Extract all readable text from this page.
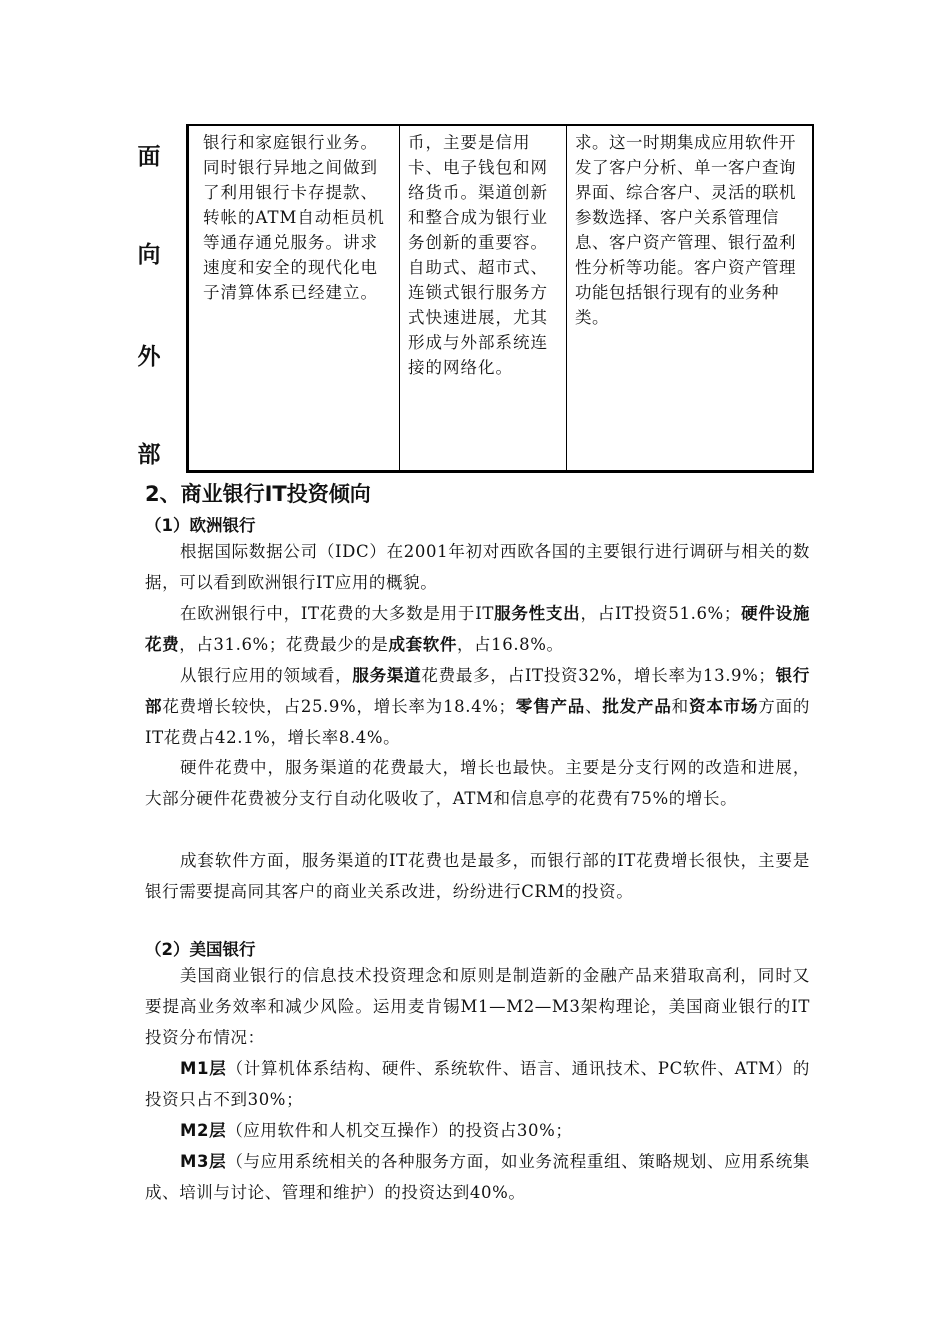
面
向
外
部
银行和家庭银行业务。同时银行异地之间做到了利用银行卡存提款、转帐的ATM自动柜员机等通存通兑服务。讲求速度和安全的现代化电子清算体系已经建立。
币，主要是信用卡、电子钱包和网络货币。渠道创新和整合成为银行业务创新的重要容。自助式、超市式、连锁式银行服务方式快速进展，尤其形成与外部系统连接的网络化。
求。这一时期集成应用软件开发了客户分析、单一客户查询界面、综合客户、灵活的联机参数选择、客户关系管理信息、客户资产管理、银行盈利性分析等功能。客户资产管理功能包括银行现有的业务种类。
2、商业银行IT投资倾向
（1）欧洲银行

根据国际数据公司（IDC）在2001年初对西欧各国的主要银行进行调研与相关的数据，可以看到欧洲银行IT应用的概貌。

在欧洲银行中，IT花费的大多数是用于IT服务性支出，占IT投资51.6%；硬件设施花费，占31.6%；花费最少的是成套软件，占16.8%。

从银行应用的领域看，服务渠道花费最多，占IT投资32%，增长率为13.9%；银行部花费增长较快，占25.9%，增长率为18.4%；零售产品、批发产品和资本市场方面的IT花费占42.1%，增长率8.4%。

硬件花费中，服务渠道的花费最大，增长也最快。主要是分支行网的改造和进展，大部分硬件花费被分支行自动化吸收了，ATM和信息亭的花费有75%的增长。

成套软件方面，服务渠道的IT花费也是最多，而银行部的IT花费增长很快，主要是银行需要提高同其客户的商业关系改进，纷纷进行CRM的投资。

（2）美国银行

美国商业银行的信息技术投资理念和原则是制造新的金融产品来猎取高利，同时又要提高业务效率和减少风险。运用麦肯锡M1—M2—M3架构理论，美国商业银行的IT投资分布情况：

M1层（计算机体系结构、硬件、系统软件、语言、通讯技术、PC软件、ATM）的投资只占不到30%；

M2层（应用软件和人机交互操作）的投资占30%；

M3层（与应用系统相关的各种服务方面，如业务流程重组、策略规划、应用系统集成、培训与讨论、管理和维护）的投资达到40%。
